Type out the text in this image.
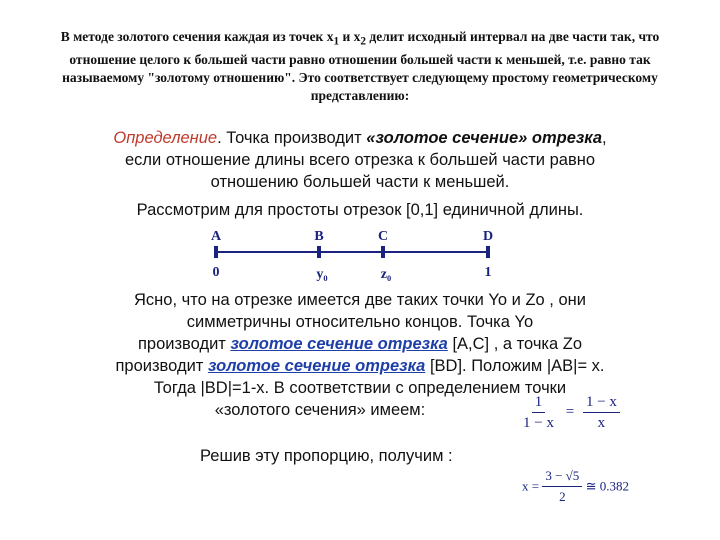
В методе золотого сечения каждая из точек $x_1$ и $x_2$ делит исходный интервал на две части так, что отношение целого к большей части равно отношении большей части к меньшей, т.е. равно так называемому "золотому отношению". Это соответствует следующему простому геометрическому представлению:
Определение. Точка производит «золотое сечение» отрезка,
если отношение длины всего отрезка к большей части равно
отношению большей части к меньшей.
Рассмотрим для простоты отрезок [0,1] единичной длины.
A	B	C	D
0	y₀	z₀	1
Ясно, что на отрезке имеется две таких точки Yo и Zo , они
симметричны относительно концов. Точка Yo
производит золотое сечение отрезка [A,C] , а точка Zo
производит золотое сечение отрезка [BD]. Положим |AB|= x.
Тогда |BD|=1-x. В соответствии с определением точки
«золотого сечения» имеем:	$\frac{1}{1 - x} = \frac{1 - x}{x}$
Решив эту пропорцию, получим :
$x = \frac{3 - √5}{2}$ ≅ 0.382
